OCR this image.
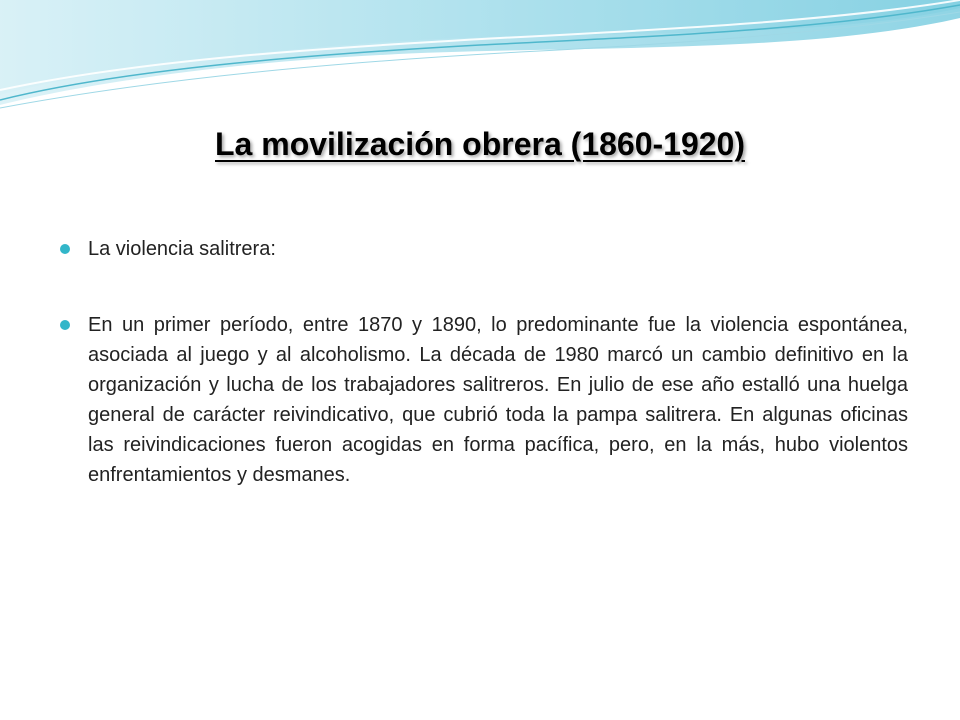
La movilización obrera (1860-1920)
La violencia salitrera:
En un primer período, entre 1870 y 1890, lo predominante fue la violencia espontánea, asociada al juego y al alcoholismo. La década de 1980 marcó un cambio definitivo en la organización y lucha de los trabajadores salitreros. En julio de ese año estalló una huelga general de carácter reivindicativo, que cubrió toda la pampa salitrera. En algunas oficinas las reivindicaciones fueron acogidas en forma pacífica, pero, en la más, hubo violentos enfrentamientos y desmanes.
